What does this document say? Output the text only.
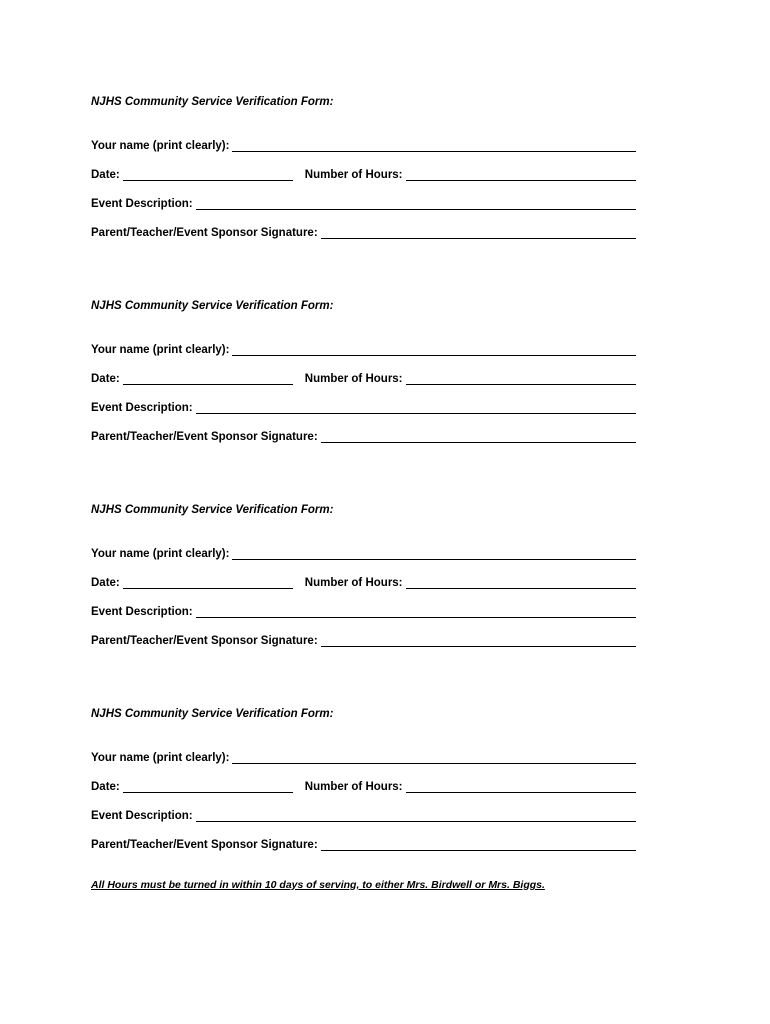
NJHS Community Service Verification Form:
Your name (print clearly):
Date:	Number of Hours:
Event Description:
Parent/Teacher/Event Sponsor Signature:
NJHS Community Service Verification Form:
Your name (print clearly):
Date:	Number of Hours:
Event Description:
Parent/Teacher/Event Sponsor Signature:
NJHS Community Service Verification Form:
Your name (print clearly):
Date:	Number of Hours:
Event Description:
Parent/Teacher/Event Sponsor Signature:
NJHS Community Service Verification Form:
Your name (print clearly):
Date:	Number of Hours:
Event Description:
Parent/Teacher/Event Sponsor Signature:
All Hours must be turned in within 10 days of serving, to either Mrs. Birdwell or Mrs. Biggs.
